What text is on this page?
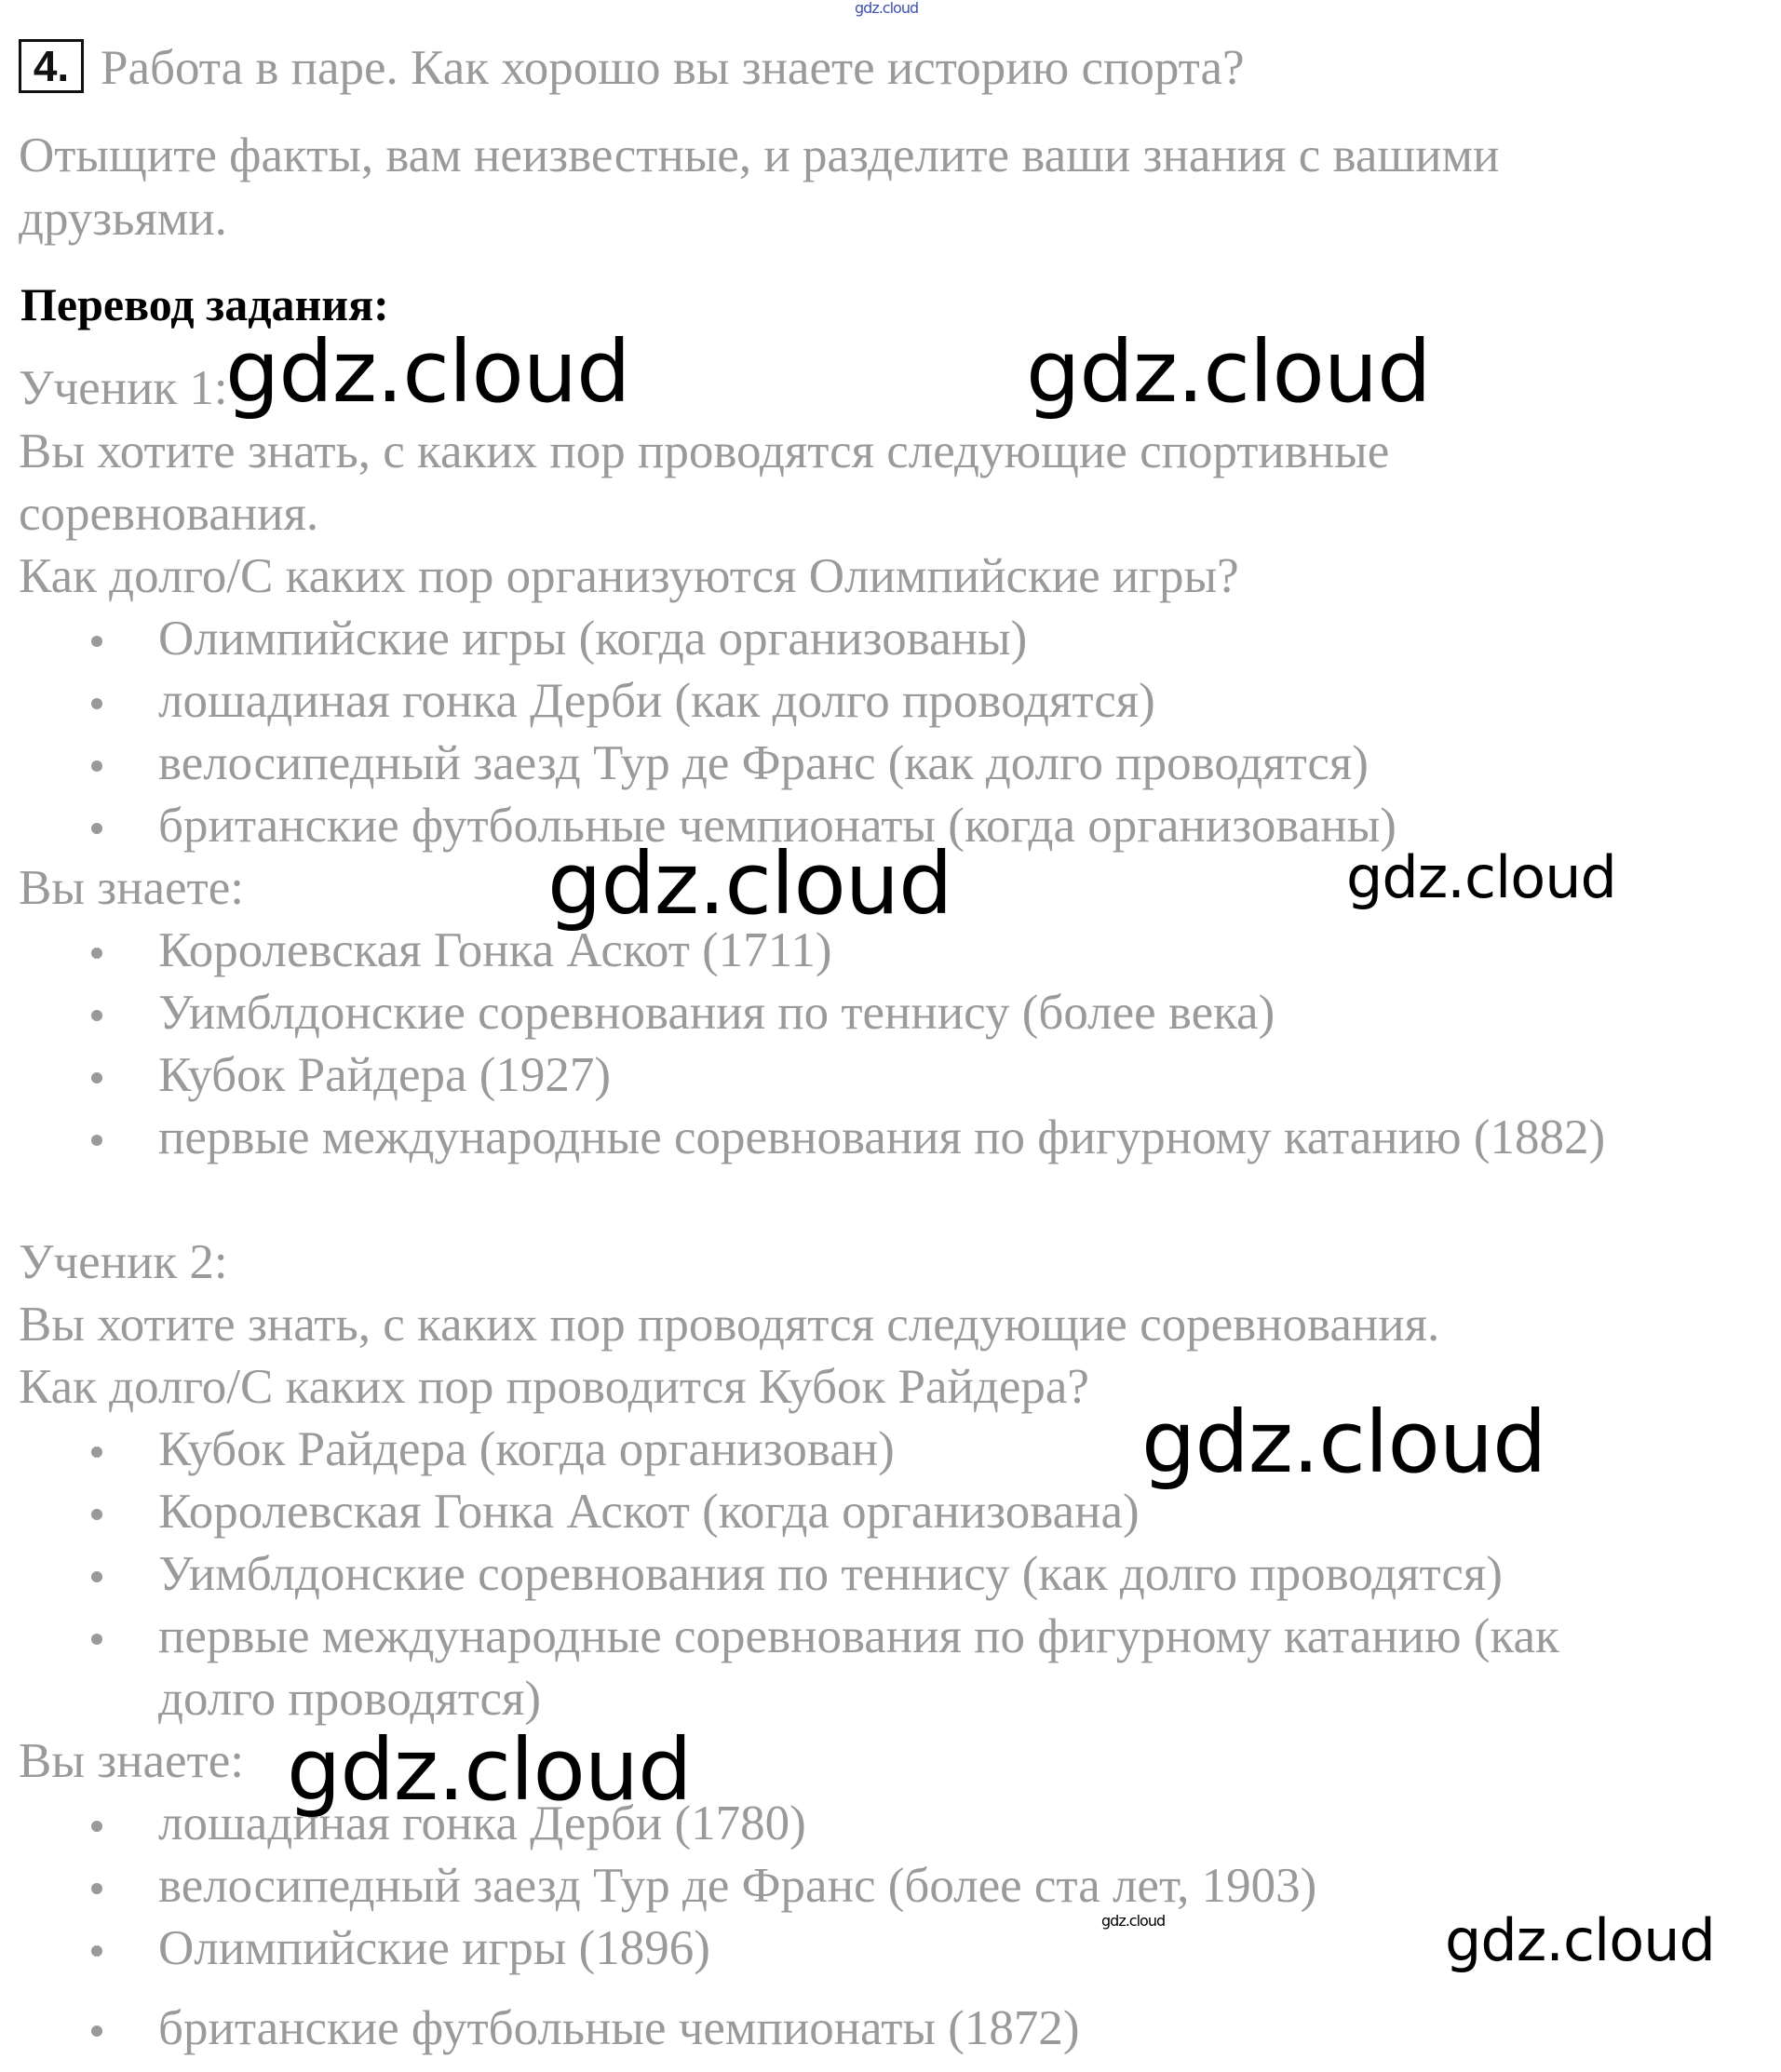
gdz.cloud
4. Работа в паре. Как хорошо вы знаете историю спорта?
Отыщите факты, вам неизвестные, и разделите ваши знания с вашими
друзьями.
Перевод задания:
Ученик 1:
Вы хотите знать, с каких пор проводятся следующие спортивные
соревнования.
Как долго/С каких пор организуются Олимпийские игры?
Олимпийские игры (когда организованы)
лошадиная гонка Дерби (как долго проводятся)
велосипедный заезд Тур де Франс (как долго проводятся)
британские футбольные чемпионаты (когда организованы)
Вы знаете:
Королевская Гонка Аскот (1711)
Уимблдонские соревнования по теннису (более века)
Кубок Райдера (1927)
первые международные соревнования по фигурному катанию (1882)
Ученик 2:
Вы хотите знать, с каких пор проводятся следующие соревнования.
Как долго/С каких пор проводится Кубок Райдера?
Кубок Райдера (когда организован)
Королевская Гонка Аскот (когда организована)
Уимблдонские соревнования по теннису (как долго проводятся)
первые международные соревнования по фигурному катанию (как
долго проводятся)
Вы знаете:
лошадиная гонка Дерби (1780)
велосипедный заезд Тур де Франс (более ста лет, 1903)
Олимпийские игры (1896)
британские футбольные чемпионаты (1872)
gdz.cloud	gdz.cloud
gdz.cloud	gdz.cloud
gdz.cloud
gdz.cloud
gdz.cloud	gdz.cloud
